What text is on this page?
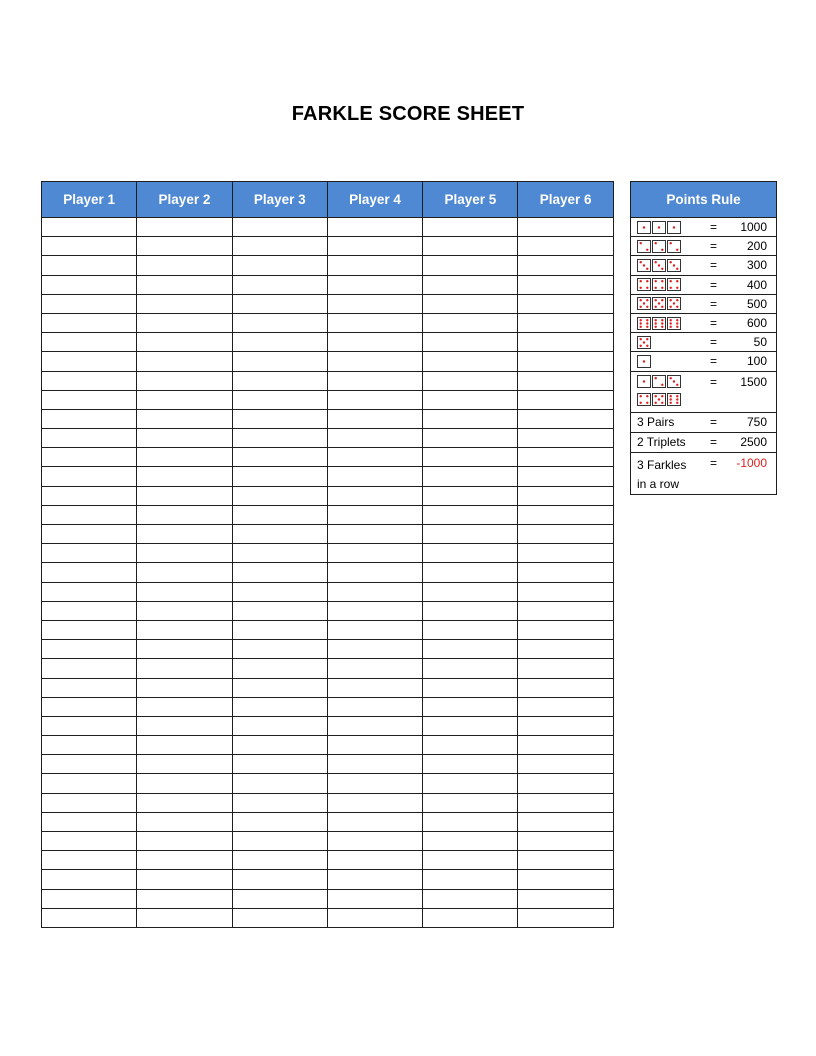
FARKLE SCORE SHEET
Player 1	Player 2	Player 3	Player 4	Player 5	Player 6

						Points Rule		

	=	1000

	=	200

	=	300

	=	400

	=	500

	=	600

	=	50

	=	100

	=	1500
3 Pairs	=	750
2 Triplets	=	2500
3 Farkles in a row	=	-1000
